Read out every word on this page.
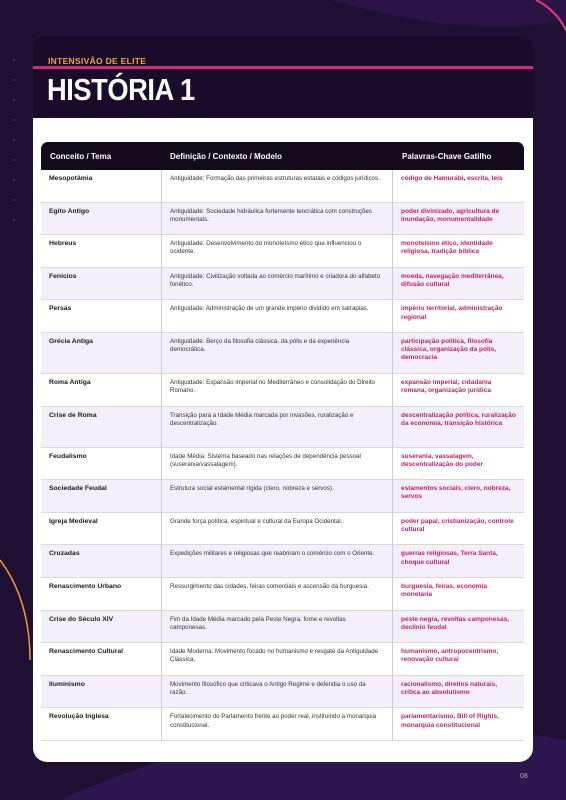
INTENSIVÃO DE ELITE
HISTÓRIA 1
Conceito / Tema	Definição / Contexto / Modelo	Palavras-Chave Gatilho
Mesopotâmia	Antiguidade: Formação das primeiras estruturas estatais e códigos jurídicos.	código de Hamurábi, escrita, leis
Egito Antigo	Antiguidade: Sociedade hidráulica fortemente teocrática com construções monumentais.	poder divinizado, agricultura de inundação, monumentalidade
Hebreus	Antiguidade: Desenvolvimento do monoteísmo ético que influenciou o ocidente.	monoteísmo ético, identidade religiosa, tradição bíblica
Fenícios	Antiguidade: Civilização voltada ao comércio marítimo e criadora do alfabeto fonético.	moeda, navegação mediterrânea, difusão cultural
Persas	Antiguidade: Administração de um grande império dividido em satrapias.	império territorial, administração regional
Grécia Antiga	Antiguidade: Berço da filosofia clássica, da pólis e da experiência democrática.	participação política, filosofia clássica, organização da pólis, democracia
Roma Antiga	Antiguidade: Expansão imperial no Mediterrâneo e consolidação do Direito Romano.	expansão imperial, cidadania romana, organização jurídica
Crise de Roma	Transição para a Idade Média marcada por invasões, ruralização e descentralização.	descentralização política, ruralização da economia, transição histórica
Feudalismo	Idade Média: Sistema baseado nas relações de dependência pessoal (suserania/vassalagem).	suserania, vassalagem, descentralização do poder
Sociedade Feudal	Estrutura social estamental rígida (clero, nobreza e servos).	estamentos sociais, clero, nobreza, servos
Igreja Medieval	Grande força política, espiritual e cultural da Europa Ocidental.	poder papal, cristianização, controle cultural
Cruzadas	Expedições militares e religiosas que reabriram o comércio com o Oriente.	guerras religiosas, Terra Santa, choque cultural
Renascimento Urbano	Ressurgimento das cidades, feiras comerciais e ascensão da burguesia.	burguesia, feiras, economia monetária
Crise do Século XIV	Fim da Idade Média marcado pela Peste Negra, fome e revoltas camponesas.	peste negra, revoltas camponesas, declínio feudal
Renascimento Cultural	Idade Moderna: Movimento focado no humanismo e resgate da Antiguidade Clássica.	humanismo, antropocentrismo, renovação cultural
Iluminismo	Movimento filosófico que criticava o Antigo Regime e defendia o uso da razão.	racionalismo, direitos naturais, crítica ao absolutismo
Revolução Inglesa	Fortalecimento do Parlamento frente ao poder real, instituindo a monarquia constitucional.	parlamentarismo, Bill of Rights, monarquia constitucional
08
